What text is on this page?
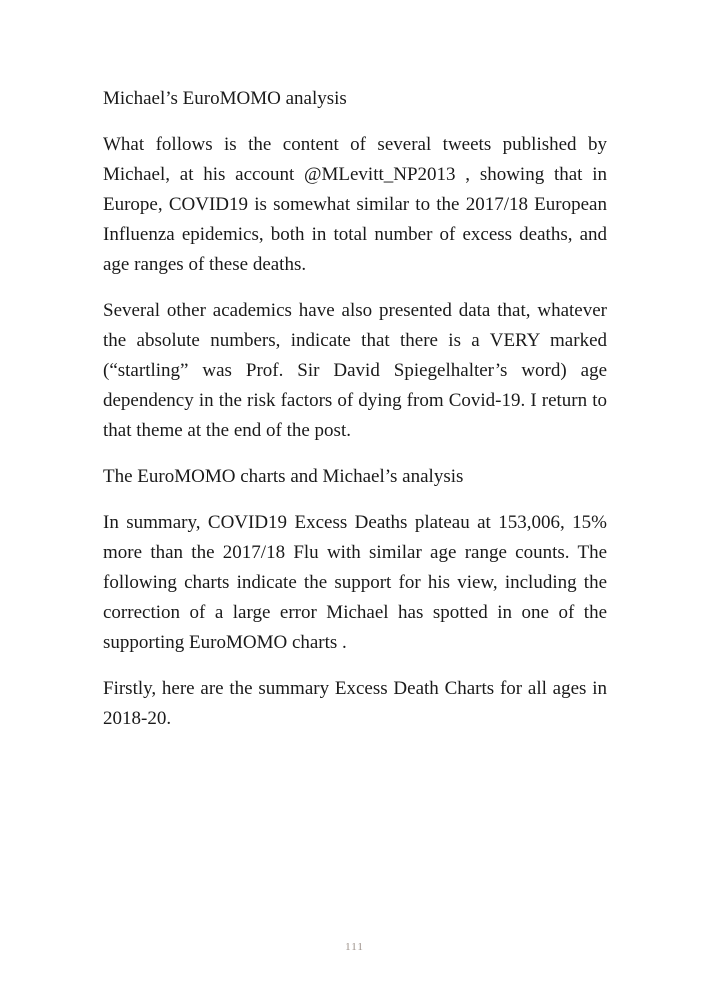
Michael’s EuroMOMO analysis

What follows is the content of several tweets published by Michael, at his account @MLevitt_NP2013 , showing that in Europe, COVID19 is somewhat similar to the 2017/18 European Influenza epidemics, both in total number of excess deaths, and age ranges of these deaths.

Several other academics have also presented data that, whatever the absolute numbers, indicate that there is a VERY marked (“startling” was Prof. Sir David Spiegelhalter’s word) age dependency in the risk factors of dying from Covid-19. I return to that theme at the end of the post.

The EuroMOMO charts and Michael’s analysis

In summary, COVID19 Excess Deaths plateau at 153,006, 15% more than the 2017/18 Flu with similar age range counts. The following charts indicate the support for his view, including the correction of a large error Michael has spotted in one of the supporting EuroMOMO charts .

Firstly, here are the summary Excess Death Charts for all ages in 2018-20.

111
